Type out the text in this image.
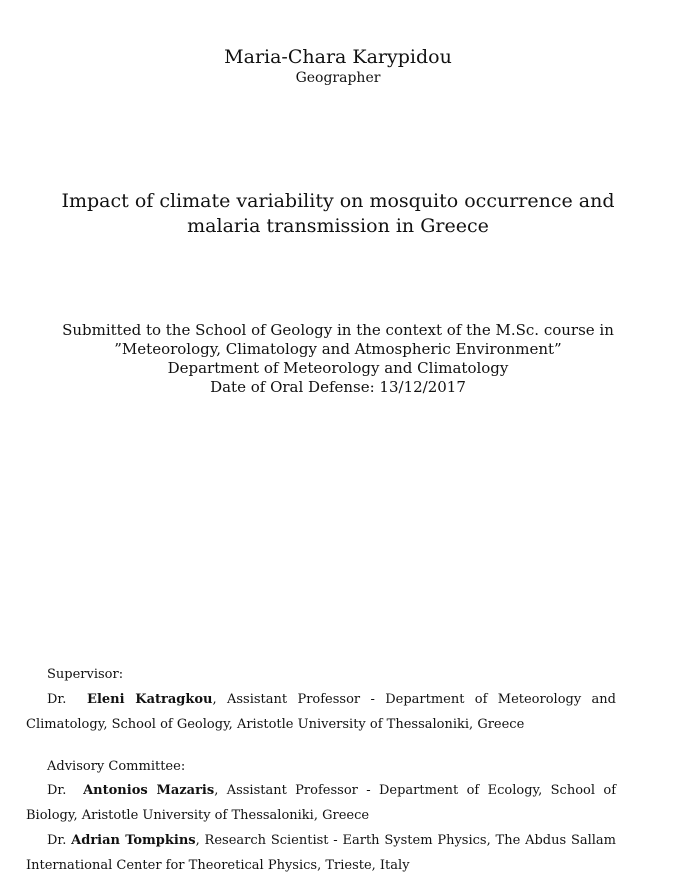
Maria-Chara Karypidou

Geographer

Impact of climate variability on mosquito occurrence and malaria transmission in Greece
Submitted to the School of Geology in the context of the M.Sc. course in
”Meteorology, Climatology and Atmospheric Environment”
Department of Meteorology and Climatology
Date of Oral Defense: 13/12/2017

Supervisor:

Dr. Eleni Katragkou, Assistant Professor - Department of Meteorology and Climatology, School of Geology, Aristotle University of Thessaloniki, Greece

Advisory Committee:

Dr. Antonios Mazaris, Assistant Professor - Department of Ecology, School of Biology, Aristotle University of Thessaloniki, Greece

Dr. Adrian Tompkins, Research Scientist - Earth System Physics, The Abdus Sallam International Center for Theoretical Physics, Trieste, Italy
